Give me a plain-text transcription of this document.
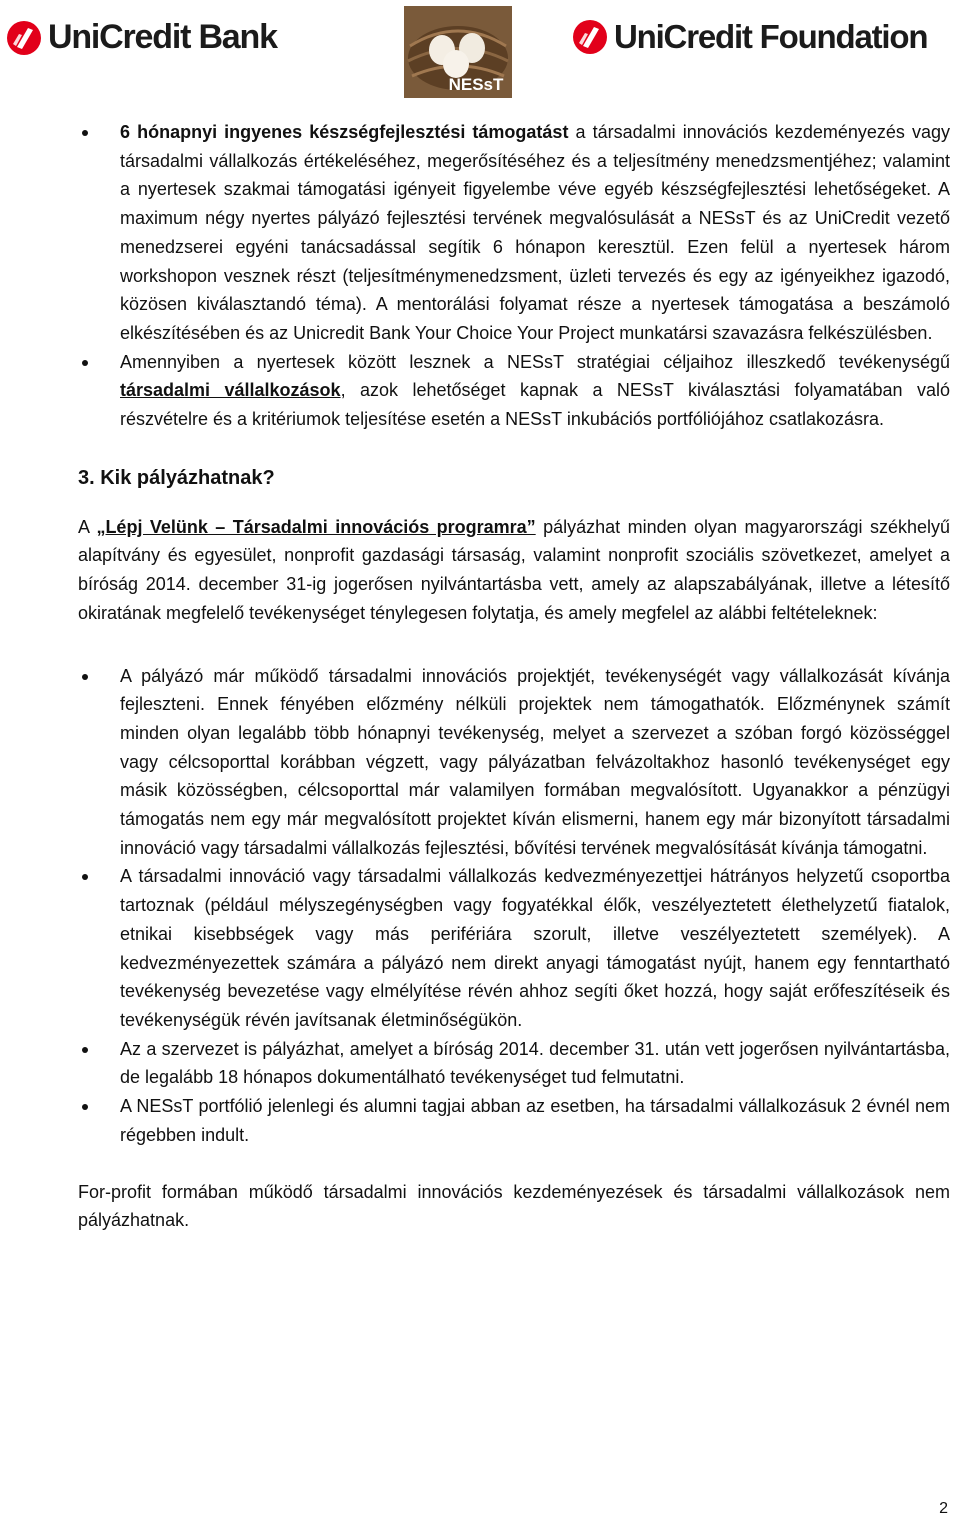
UniCredit Bank
NESsT
UniCredit Foundation
6 hónapnyi ingyenes készségfejlesztési támogatást a társadalmi innovációs kezdeményezés vagy társadalmi vállalkozás értékeléséhez, megerősítéséhez és a teljesítmény menedzsmentjéhez; valamint a nyertesek szakmai támogatási igényeit figyelembe véve egyéb készségfejlesztési lehetőségeket. A maximum négy nyertes pályázó fejlesztési tervének megvalósulását a NESsT és az UniCredit vezető menedzserei egyéni tanácsadással segítik 6 hónapon keresztül. Ezen felül a nyertesek három workshopon vesznek részt (teljesítménymenedzsment, üzleti tervezés és egy az igényeikhez igazodó, közösen kiválasztandó téma). A mentorálási folyamat része a nyertesek támogatása a beszámoló elkészítésében és az Unicredit Bank Your Choice Your Project munkatársi szavazásra felkészülésben.
Amennyiben a nyertesek között lesznek a NESsT stratégiai céljaihoz illeszkedő tevékenységű társadalmi vállalkozások, azok lehetőséget kapnak a NESsT kiválasztási folyamatában való részvételre és a kritériumok teljesítése esetén a NESsT inkubációs portfóliójához csatlakozásra.
3. Kik pályázhatnak?

A „Lépj Velünk – Társadalmi innovációs programra” pályázhat minden olyan magyarországi székhelyű alapítvány és egyesület, nonprofit gazdasági társaság, valamint nonprofit szociális szövetkezet, amelyet a bíróság 2014. december 31-ig jogerősen nyilvántartásba vett, amely az alapszabályának, illetve a létesítő okiratának megfelelő tevékenységet ténylegesen folytatja, és amely megfelel az alábbi feltételeknek:

A pályázó már működő társadalmi innovációs projektjét, tevékenységét vagy vállalkozását kívánja fejleszteni. Ennek fényében előzmény nélküli projektek nem támogathatók. Előzménynek számít minden olyan legalább több hónapnyi tevékenység, melyet a szervezet a szóban forgó közösséggel vagy célcsoporttal korábban végzett, vagy pályázatban felvázoltakhoz hasonló tevékenységet egy másik közösségben, célcsoporttal már valamilyen formában megvalósított. Ugyanakkor a pénzügyi támogatás nem egy már megvalósított projektet kíván elismerni, hanem egy már bizonyított társadalmi innováció vagy társadalmi vállalkozás fejlesztési, bővítési tervének megvalósítását kívánja támogatni.
A társadalmi innováció vagy társadalmi vállalkozás kedvezményezettjei hátrányos helyzetű csoportba tartoznak (például mélyszegénységben vagy fogyatékkal élők, veszélyeztetett élethelyzetű fiatalok, etnikai kisebbségek vagy más perifériára szorult, illetve veszélyeztetett személyek). A kedvezményezettek számára a pályázó nem direkt anyagi támogatást nyújt, hanem egy fenntartható tevékenység bevezetése vagy elmélyítése révén ahhoz segíti őket hozzá, hogy saját erőfeszítéseik és tevékenységük révén javítsanak életminőségükön.
Az a szervezet is pályázhat, amelyet a bíróság 2014. december 31. után vett jogerősen nyilvántartásba, de legalább 18 hónapos dokumentálható tevékenységet tud felmutatni.
A NESsT portfólió jelenlegi és alumni tagjai abban az esetben, ha társadalmi vállalkozásuk 2 évnél nem régebben indult.

For-profit formában működő társadalmi innovációs kezdeményezések és társadalmi vállalkozások nem pályázhatnak.

2
